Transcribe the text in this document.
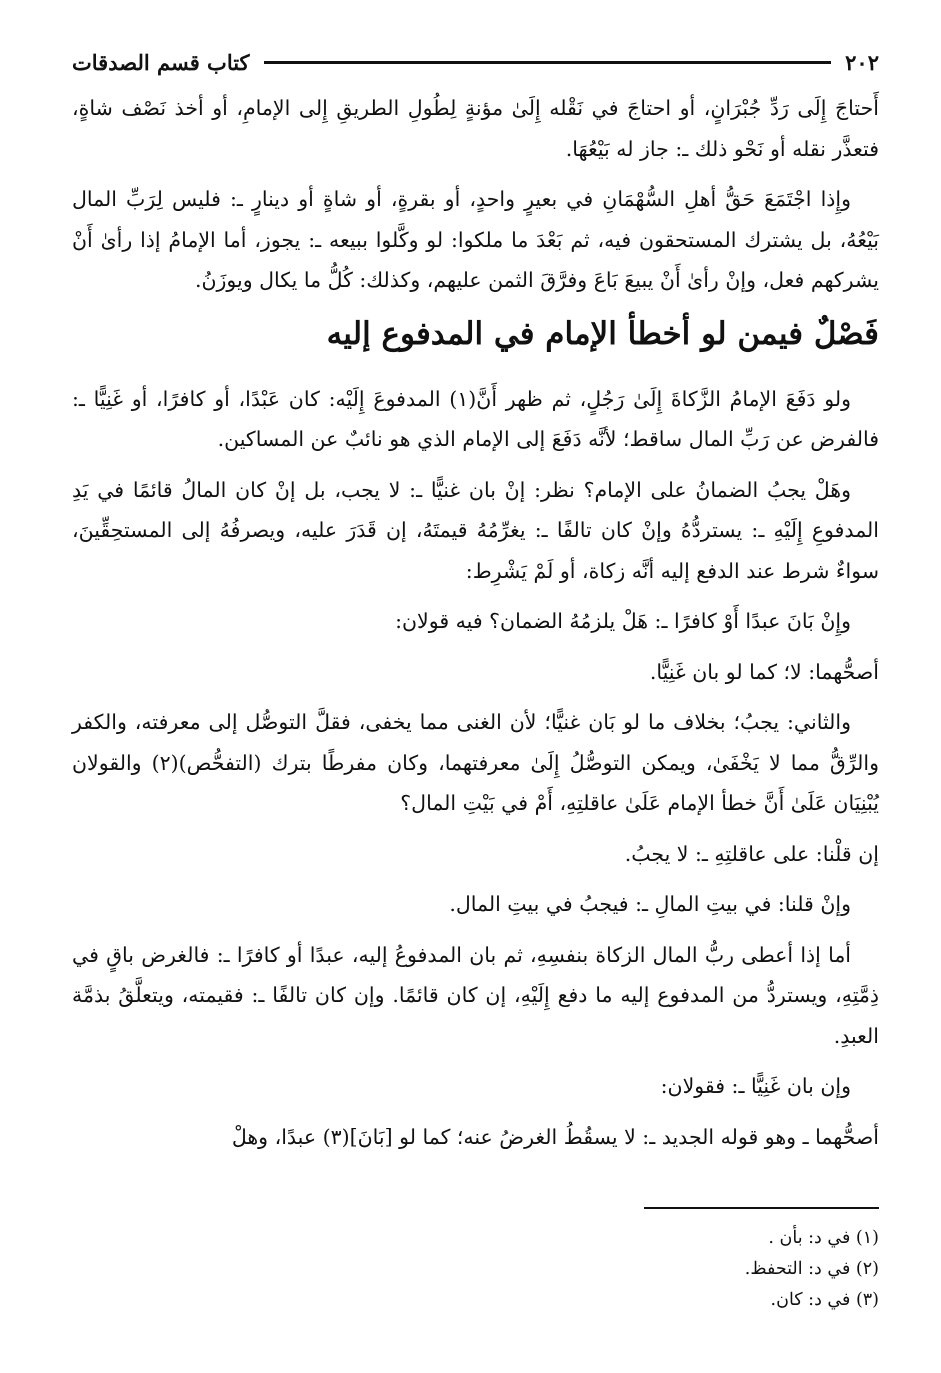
٢٠٢
كتاب قسم الصدقات

أَحتاجَ إِلَى رَدِّ جُبْرَانٍ، أو احتاجَ في نَقْله إِلَىٰ مؤنةٍ لِطُولِ الطريقِ إِلى الإمامِ، أو أخذ نَصْف شاةٍ، فتعذَّر نقله أو نَحْو ذلك ـ: جاز له بَيْعُهَا.

وإِذا اجْتَمَعَ حَقُّ أهلِ السُّهْمَانِ في بعيرٍ واحدٍ، أو بقرةٍ، أو شاةٍ أو دينارٍ ـ: فليس لِرَبِّ المال بَيْعُهُ، بل يشترك المستحقون فيه، ثم بَعْدَ ما ملكوا: لو وكَّلوا ببيعه ـ: يجوز، أما الإمامُ إذا رأىٰ أَنْ يشركهم فعل، وإنْ رأىٰ أَنْ يبيعَ بَاعَ وفرَّقَ الثمن عليهم، وكذلك: كُلُّ ما يكال ويوزَنُ.

فَصْلٌ فيمن لو أخطأ الإمام في المدفوع إليه

ولو دَفَعَ الإمامُ الزَّكاةَ إِلَىٰ رَجُلٍ، ثم ظهر أَنَّ(١) المدفوعَ إِلَيْه: كان عَبْدًا، أو كافرًا، أو غَنِيًّا ـ: فالفرض عن رَبِّ المال ساقط؛ لأنَّه دَفَعَ إلى الإمام الذي هو نائبٌ عن المساكين.

وهَلْ يجبُ الضمانُ على الإمام؟ نظر: إنْ بان غنيًّا ـ: لا يجب، بل إنْ كان المالُ قائمًا في يَدِ المدفوعِ إِلَيْهِ ـ: يستردُّهُ وإنْ كان تالفًا ـ: يغرِّمُهُ قيمتَهُ، إن قَدَرَ عليه، ويصرفُهُ إلى المستحِقِّينَ، سواءٌ شرط عند الدفع إليه أنَّه زكاة، أو لَمْ يَشْرِط:

وإِنْ بَانَ عبدًا أَوْ كافرًا ـ: هَلْ يلزمُهُ الضمان؟ فيه قولان:

أصحُّهما: لا؛ كما لو بان غَنِيًّا.

والثاني: يجبُ؛ بخلاف ما لو بَان غنيًّا؛ لأن الغنى مما يخفى، فقلَّ التوصُّل إلى معرفته، والكفر والرِّقُّ مما لا يَخْفَىٰ، ويمكن التوصُّلُ إِلَىٰ معرفتهما، وكان مفرطًا بترك (التفحُّص)(٢) والقولان يُبْنِيَان عَلَىٰ أَنَّ خطأ الإمام عَلَىٰ عاقلتِهِ، أَمْ في بَيْتِ المال؟

إن قلْنا: على عاقلتِهِ ـ: لا يجبُ.

وإنْ قلنا: في بيتِ المالِ ـ: فيجبُ في بيتِ المال.

أما إذا أعطى ربُّ المال الزكاة بنفسِهِ، ثم بان المدفوعُ إليه، عبدًا أو كافرًا ـ: فالغرض باقٍ في ذِمَّتِهِ، ويستردُّ من المدفوع إليه ما دفع إِلَيْهِ، إن كان قائمًا. وإن كان تالفًا ـ: فقيمته، ويتعلَّقُ بذمَّة العبدِ.

وإن بان غَنِيًّا ـ: فقولان:

أصحُّهما ـ وهو قوله الجديد ـ: لا يسقُطُ الغرضُ عنه؛ كما لو [بَانَ](٣) عبدًا، وهلْ

(١) في د: بأن .
(٢) في د: التحفظ.
(٣) في د: كان.
